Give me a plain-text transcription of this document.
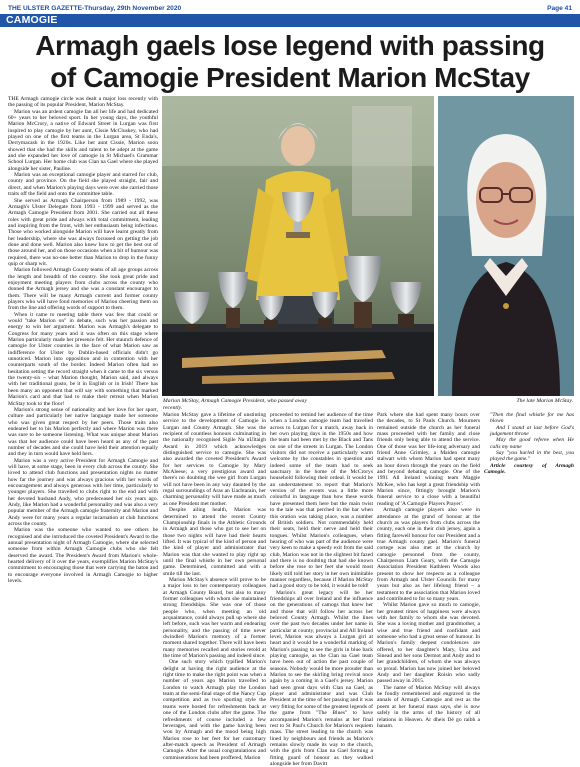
THE ULSTER GAZETTE-Thursday, 29th November 2020	Page 41
CAMOGIE
Armagh gaels lose legend with passing
of Camogie President Marion McStay

THE Armagh camogie circle was dealt a major loss recently with the passing of its popular President, Marion McStay.

Marion was an ardent camogie fan all her life and had dedicated 60+ years to her beloved sport. In her young days, the youthful Marion McCrory, a native of Edward Street in Lurgan was first inspired to play camogie by her aunt, Cissie McCluskey, who had played on one of the first teams in the Lurgan area, St Enda's, Derrymacash in the 1920s. Like her aunt Cissie, Marion soon showed that she had the skills and talent to be adept at the game and she expanded her love of camogie in St Michael's Grammar School Lurgan. Her home club was Clan na Gael where she played alongside her sister, Pauline.

Marion was an exceptional camogie player and starred for club, county and province. On the field she played straight, fair and direct, and when Marion's playing days were over she carried those traits off the field and onto the committee table.

She served as Armagh Chairperson from 1989 - 1992, was Armagh's Ulster Delegate from 1993 - 1999 and served as the Armagh Camogie President from 2001. She carried out all these roles with great pride and always with total commitment, leading and inspiring from the front, with her enthusiasm being infectious. Those who worked alongside Marion will have learnt greatly from her leadership, where she was always focussed on getting the job done and done well. Marion also knew how to get the best out of those around her, and on those occasions when a bit of humour was required, there was no-one better than Marion to drop in the funny quip or sharp wit.

Marion followed Armagh County teams of all age groups across the length and breadth of the country. She took great pride and enjoyment meeting players from clubs across the county who donned the Armagh jersey and she was a constant encourager to them. There will be many Armagh current and former county players who will have fond memories of Marion cheering them on from the line and offering words of support to them.

When it came to meeting table there was few that could or would "take Marion on" in debate, such was her passion and energy to win her argument. Marion was Armagh's delegate to Congress for many years and it was often on this stage where Marion particularly made her presence felt. Her staunch defence of camogie for Ulster counties in the face of what Marion saw as indifference for Ulster by Dublin-based officials didn't go unnoticed. Marion into opposition and in contention with her counterparts south of the border. Indeed Marion often had no hesitation setting the record straight when it came to the six versus the twenty-six – what Marion thought, Marion said, and always with her traditional gusto, be it in English or in Irish! There has been many an opponent that will say with something that marked Marion's card and that had to make their retreat when Marion McStay took to the floor!

Marion's strong sense of nationality and her love for her sport, culture and particularly her native language made her someone who was given great respect by her peers. Those traits also endeared her to his Marion perfectly and where Marion was there was sure to be someone listening. What was unique about Marion was that her audience could have been heard as any of the past number of decades and she could have held their attention equally and they in turn would have held hers.

Marion was a very active President for Armagh Camogie and will have, at some stage, been in every club across the county. She loved to attend club functions and presentation nights no matter how far the journey and was always gracious with her words of encouragement and always generous with her time, particularly to younger players. She travelled to clubs right to the end and with her devoted husband Andy, who predeceased her six years ago. Andy, like Marion had a wonderful personality and was also a very popular member of the Armagh camogie fraternity and Marion and Andy were for many years a regular incarnation at club functions across the county.

Marion was the someone who wanted to see others be recognised and she introduced the coveted President's Award to the annual presentation night of Armagh Camogie, where she selected someone from within Armagh Camogie clubs who she felt deserved the award. The President's Award from Marion's whole-hearted delivery of it over the years, exemplifies Marion McStay's commitment to encouraging those that were carrying the baton and to encourage everyone involved in Armagh Camogie to higher levels.

Marion McStay, Armagh Camogie President, who passed away recently.
The late Marion McStay.

Marion McStay gave a lifetime of unstinting service to the development of Camogie in Lurgan and County Armagh. She was the recipient of countless honours culminating in the nationally recognised Sigile Na nUltaigh Award in 2019 which acknowledges distinguished service to camogie. She was also awarded the coveted President's Award for her services to Camogie by Mary McAleese; a very prestigious award and there's no doubting the wee girl from Lurgan will not have been in any way daunted by the regal surroundings of Aras an Uachtarain, her charming personality will have made as much as one President met mother.

Despite ailing health, Marion was determined to attend the recent County Championship finals in the Athletic Grounds in Armagh and those who got to see her on those two nights will have had their hearts lifted. It was typical of the kind of person and the kind of player and administrator that Marion was that she wanted to play right up until the final whistle in her own personal game. Determined, committed and with a smile till the last.

Marion McStay's absence will prove to be a major loss to her contemporary colleagues at Armagh County Board, but also to many former colleagues with whom she maintained strong friendships. She was one of those people who, when meeting an old acquaintance, could always pull up where she left before, such was her warm and endearing personality, and the passing of time never dwindled Marion's memory of a former moment shared together. There will have been many memories recalled and stories retold at the time of Marion's passing and indeed since.

One such story which typified Marion's delight at having the right audience at the right time to make the right point was when a number of years ago Marion travelled to London to watch Armagh play the London team at the semi-final stage of the Nancy Cup competition and as two sporting style the teams were hosted for refreshments back at one of the London clubs after the game. The refreshments of course included a few beverages, and with the game having been won by Armagh and the mood being high Marion rose to her feet for her customary after-match speech as President of Armagh Camogie. After the usual congratulations and commiserations had been proffered, Marion

proceeded to remind her audience of the time when a London camogie team had travelled across to Lurgan for a match, away back in her own playing days in the 1950s and how the team had been met by the Black and Tans on one of the streets in Lurgan. The London visitors did not receive a particularly warm welcome by the constables in question and indeed some of the team had to seek sanctuary in the home of the McCrorys household following their ordeal. It would be an understatement to report that Marion's version of the events was a little more colourful in language than how these words have presented them here but the main twist to the tale was that perched in the bar when this oration was taking place, was a number of British soldiers. Not commendably held their seats, held their nerve and held their tongues. Whilst Marion's colleagues, when hearing of who was part of the audience were very keen to make a speedy exit from the said club, Marion was not in the slightest bit fazed and there is no doubting that had she known before she rose to her feet she would most likely still told her story in her own inimitable manner regardless, because if Marion McStay had a good story to be told, it would be told!

Marion's great legacy will be her friendships all over Ireland and the influence on the generations of camogs that knew her and those that will follow her across her beloved County Armagh. Whilst the lines over the past two decades under her name in particular at county, provincial and All Ireland level, Marion was always a Lurgan girl at heart and it would be a wonderful marking of Marion's passing to see the girls in blue back playing camogie, as the Clan na Gael team have been out of action the past couple of seasons. Nobody would be more prouder than Marion to see the skirling bring revival once again by a coming in a Gael's jersey. Marion had seen great days with Clan na Gael, as player and administrator and was Club President at the time of her passing and it was very fitting for some of the greatest legends of the game from "The Blues" to have accompanied Marion's remains at her final rest to St Paul's Church for Marion's requiem mass. The street leading to the church was lined by neighbours and friends as Marion's remains slowly made its way to the church, with the girls from Clan na Gael forming a fitting guard of honour as they walked alongside her from Davitt

Park where she had spent many hours over the decades, to St Pauls Church. Mourners remained outside the church as her funeral mass proceeded with her family and close friends only being able to attend the service. One of those was her life-long adversary and friend Anne Grimley, a Maiden camogie stalwart with whom Marion had spent many an hour down through the years on the field and beyond debating camogie. One of the 1991 All Ireland winning team Maggie McKee, who has kept a great friendship with Marion since, fittingly brought Marion's funeral service to a close with a beautiful reading of 'A Camogie Players Prayer'.

Armagh camogie players also were in attendance at the grand of honour at the church as was players from clubs across the county, each one in their club jersey, again a fitting farewell honour for our President and a true Armagh county gael. Marion's funeral cortege was also met at the church by camogie personnel from the county, Chairperson Liam Geary, with the Camogie Association President Kathleen Woods also present to show her respects as a colleague from Armagh and Ulster Councils for many years but also as her lifelong friend – a testament to the association that Marion loved and contributed to for so many years.

Whilst Marion gave so much to camogie, her greatest times of happiness were always with her family to whom she was devoted. She was a loving mother and grandmother, a wise and true friend and confidant and someone who had a great sense of humour. In Marion's family deepest condolences are offered, to her daughter's Mary, Una and Sinead and her sons Dermot and Andy and to her grandchildren, of whom she was always so proud. Marion has now joined her beloved Andy and her daughter Roisin who sadly passed away in 2015.

The name of Marion McStay will always be fondly remembered and engraved in the annals of Armagh Camogie and rest as the poem at her funeral mass says, she is now safely in the arms of the history of all relations in Heaven. Ar dheis Dé go raibh a hanam.

"Then the final whistle for me has blown

And I stand at last before God's judgement throne

May the good referee when He calls my name

Say "you hurled in the best, you played the game."

Article courtesy of Armagh Camogie.
